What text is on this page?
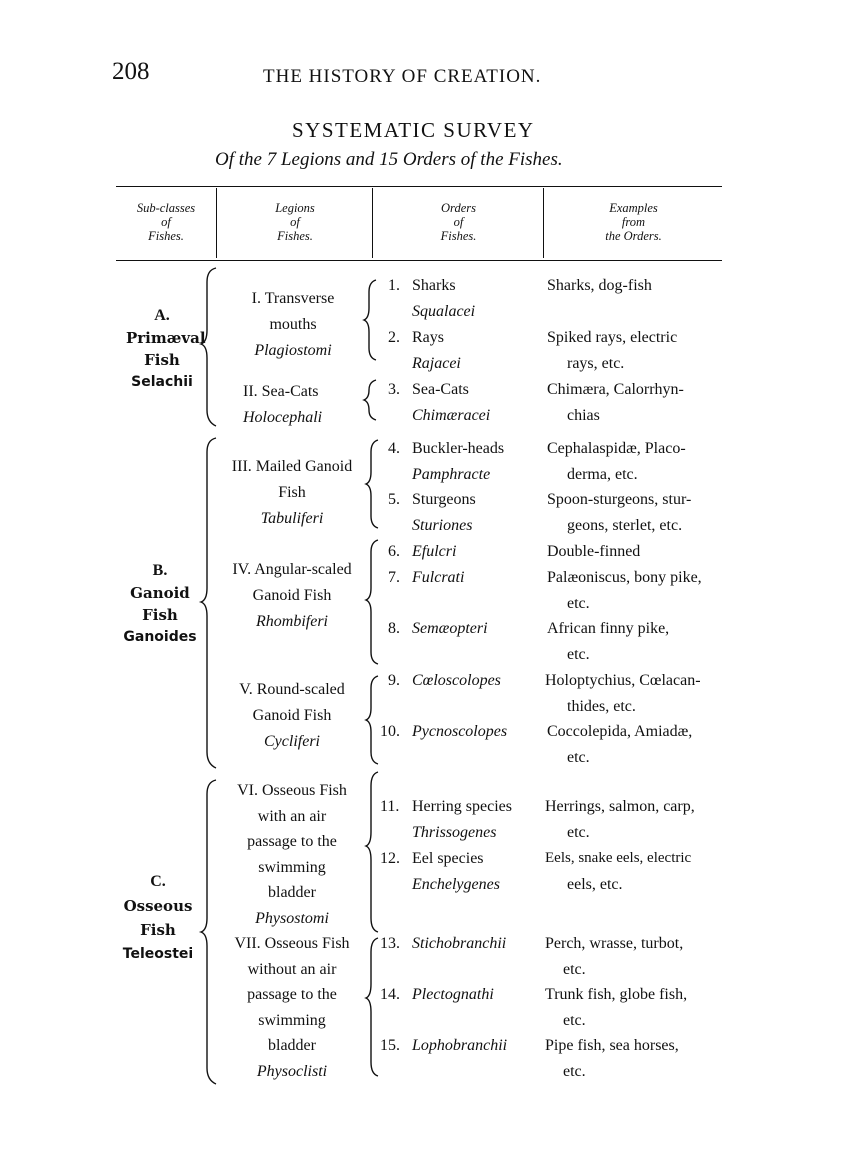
208	THE HISTORY OF CREATION.
SYSTEMATIC SURVEY
Of the 7 Legions and 15 Orders of the Fishes.
Sub-classes
of
Fishes.
Legions
of
Fishes.
Orders
of
Fishes.
Examples
from
the Orders.
A.
Primæval
Fish
Selachii
B.
Ganoid
Fish
Ganoides
C.
Osseous
Fish
Teleostei
I. Transverse
mouths
Plagiostomi
II. Sea-Cats
Holocephali
III. Mailed Ganoid
Fish
Tabuliferi
IV. Angular-scaled
Ganoid Fish
Rhombiferi
V. Round-scaled
Ganoid Fish
Cycliferi
VI. Osseous Fish
with an air
passage to the
swimming
bladder
Physostomi
VII. Osseous Fish
without an air
passage to the
swimming
bladder
Physoclisti
1. Sharks
Squalacei
2. Rays
Rajacei
3. Sea-Cats
Chimæracei
4. Buckler-heads
Pamphracte
5. Sturgeons
Sturiones
6. Efulcri
7. Fulcrati
8. Semæopteri
9. Cœloscolopes
10. Pycnoscolopes
11. Herring species
Thrissogenes
12. Eel species
Enchelygenes
13. Stichobranchii
14. Plectognathi
15. Lophobranchii
Sharks, dog-fish
Spiked rays, electric
rays, etc.
Chimæra, Calorrhyn-
chias
Cephalaspidæ, Placo-
derma, etc.
Spoon-sturgeons, stur-
geons, sterlet, etc.
Double-finned
Palæoniscus, bony pike,
etc.
African finny pike,
etc.
Holoptychius, Cœlacan-
thides, etc.
Coccolepida, Amiadæ,
etc.
Herrings, salmon, carp,
etc.
Eels, snake eels, electric
eels, etc.
Perch, wrasse, turbot,
etc.
Trunk fish, globe fish,
etc.
Pipe fish, sea horses,
etc.
